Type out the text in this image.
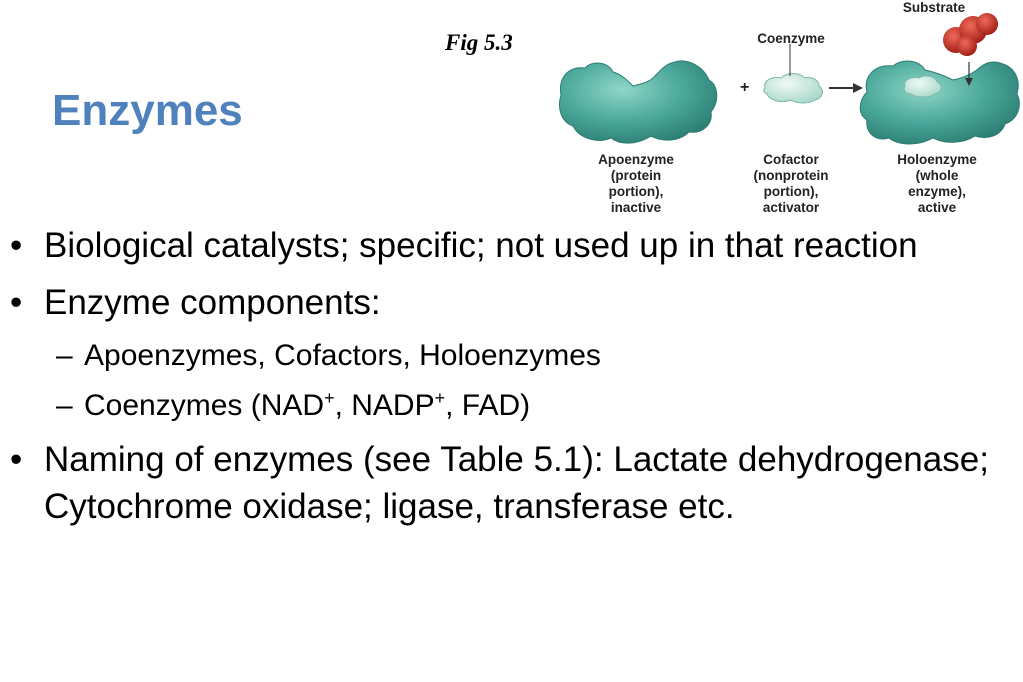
Fig 5.3
Enzymes	+
Substrate
Coenzyme
Apoenzyme
(protein
portion),
inactive
Cofactor
(nonprotein
portion),
activator
Holoenzyme
(whole
enzyme),
active
• Biological catalysts; specific; not used up in that reaction
• Enzyme components:
– Apoenzymes, Cofactors, Holoenzymes
– Coenzymes (NAD+, NADP+, FAD)
• Naming of enzymes (see Table 5.1): Lactate dehydrogenase; Cytochrome oxidase; ligase, transferase etc.
